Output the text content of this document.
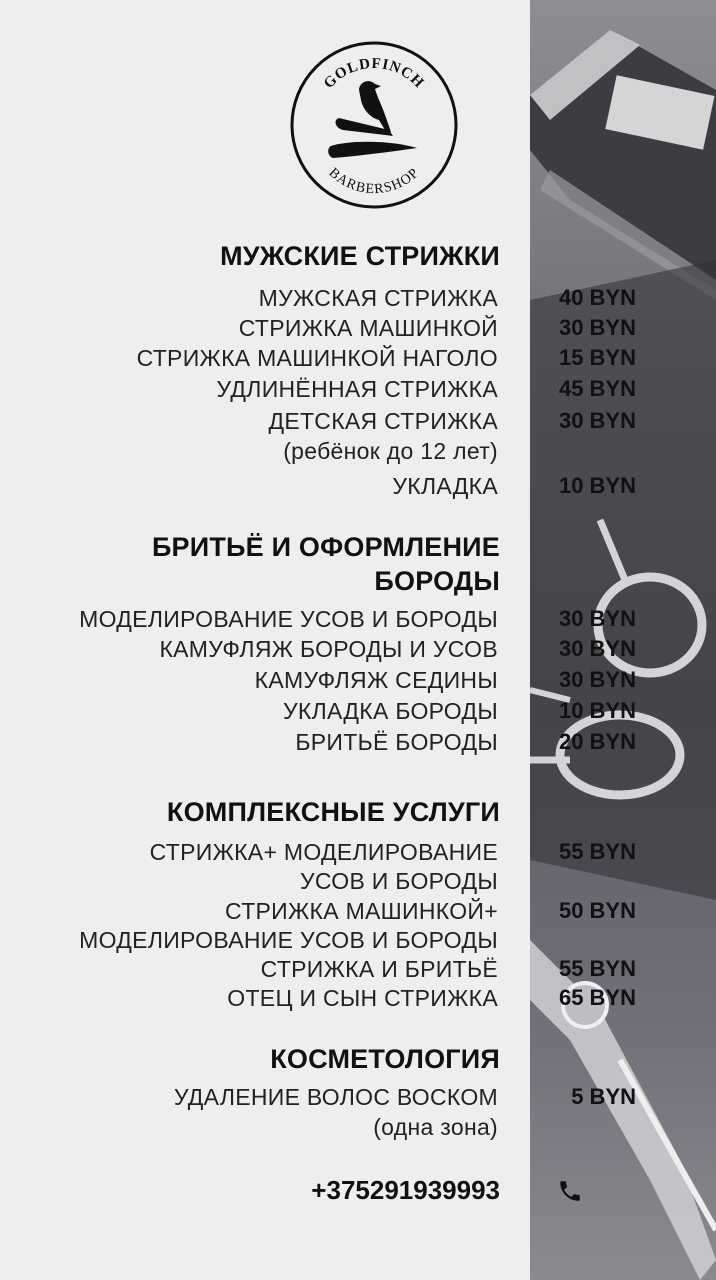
GOLDFINCH
BARBERSHOP
МУЖСКИЕ СТРИЖКИ
МУЖСКАЯ СТРИЖКА	40 BYN
СТРИЖКА МАШИНКОЙ	30 BYN
СТРИЖКА МАШИНКОЙ НАГОЛО	15 BYN
УДЛИНЁННАЯ СТРИЖКА	45 BYN
ДЕТСКАЯ СТРИЖКА	30 BYN
(ребёнок до 12 лет)
УКЛАДКА	10 BYN
БРИТЬЁ И ОФОРМЛЕНИЕ
БОРОДЫ
МОДЕЛИРОВАНИЕ УСОВ И БОРОДЫ	30 BYN
КАМУФЛЯЖ БОРОДЫ И УСОВ	30 BYN
КАМУФЛЯЖ СЕДИНЫ	30 BYN
УКЛАДКА БОРОДЫ	10 BYN
БРИТЬЁ БОРОДЫ	20 BYN
КОМПЛЕКСНЫЕ УСЛУГИ
СТРИЖКА+ МОДЕЛИРОВАНИЕ	55 BYN
УСОВ И БОРОДЫ
СТРИЖКА МАШИНКОЙ+	50 BYN
МОДЕЛИРОВАНИЕ УСОВ И БОРОДЫ
СТРИЖКА И БРИТЬЁ	55 BYN
ОТЕЦ И СЫН СТРИЖКА	65 BYN
КОСМЕТОЛОГИЯ
УДАЛЕНИЕ ВОЛОС ВОСКОМ	5 BYN
(одна зона)
+375291939993
